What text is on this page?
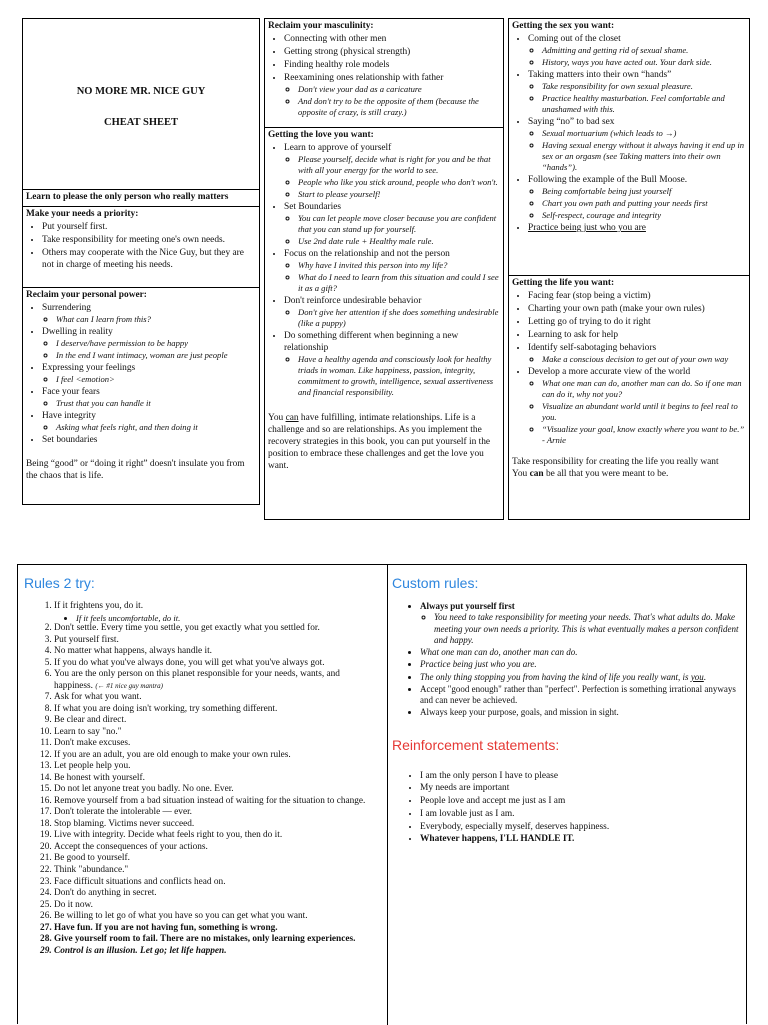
NO MORE MR. NICE GUY

CHEAT SHEET

Learn to please the only person who really matters
Make your needs a priority:
• Put yourself first.
• Take responsibility for meeting one's own needs.
• Others may cooperate with the Nice Guy, but they are not in charge of meeting his needs.
Reclaim your personal power:
• Surrendering
◦ What can I learn from this?
• Dwelling in reality
◦ I deserve/have permission to be happy
◦ In the end I want intimacy, woman are just people
• Expressing your feelings
◦ I feel <emotion>
• Face your fears
◦ Trust that you can handle it
• Have integrity
◦ Asking what feels right, and then doing it
• Set boundaries

Being “good” or “doing it right” doesn't insulate you from the chaos that is life.

Reclaim your masculinity:
• Connecting with other men
• Getting strong (physical strength)
• Finding healthy role models
• Reexamining ones relationship with father
◦ Don't view your dad as a caricature
◦ And don't try to be the opposite of them (because the opposite of crazy, is still crazy.)
Getting the love you want:
• Learn to approve of yourself
◦ Please yourself, decide what is right for you and be that with all your energy for the world to see.
◦ People who like you stick around, people who don't won't.
◦ Start to please yourself!
• Set Boundaries
◦ You can let people move closer because you are confident that you can stand up for yourself.
◦ Use 2nd date rule + Healthy male rule.
• Focus on the relationship and not the person
◦ Why have I invited this person into my life?
◦ What do I need to learn from this situation and could I see it as a gift?
• Don't reinforce undesirable behavior
◦ Don't give her attention if she does something undesirable (like a puppy)
• Do something different when beginning a new relationship
◦ Have a healthy agenda and consciously look for healthy triads in woman. Like happiness, passion, integrity, commitment to growth, intelligence, sexual assertiveness and financial responsibility.

You can have fulfilling, intimate relationships. Life is a challenge and so are relationships. As you implement the recovery strategies in this book, you can put yourself in the position to embrace these challenges and get the love you want.

Getting the sex you want:
• Coming out of the closet
◦ Admitting and getting rid of sexual shame.
◦ History, ways you have acted out. Your dark side.
• Taking matters into their own “hands”
◦ Take responsibility for own sexual pleasure.
◦ Practice healthy masturbation. Feel comfortable and unashamed with this.
• Saying “no” to bad sex
◦ Sexual mortuarium (which leads to →)
◦ Having sexual energy without it always having it end up in sex or an orgasm (see Taking matters into their own “hands”).
• Following the example of the Bull Moose.
◦ Being comfortable being just yourself
◦ Chart you own path and putting your needs first
◦ Self-respect, courage and integrity
• Practice being just who you are
Getting the life you want:
• Facing fear (stop being a victim)
• Charting your own path (make your own rules)
• Letting go of trying to do it right
• Learning to ask for help
• Identify self-sabotaging behaviors
◦ Make a conscious decision to get out of your own way
• Develop a more accurate view of the world
◦ What one man can do, another man can do. So if one man can do it, why not you?
◦ Visualize an abundant world until it begins to feel real to you.
◦ “Visualize your goal, know exactly where you want to be.” - Arnie

Take responsibility for creating the life you really want

You can be all that you were meant to be.

Rules 2 try:
1. If it frightens you, do it.
• If it feels uncomfortable, do it.
2. Don't settle. Every time you settle, you get exactly what you settled for.
3. Put yourself first.
4. No matter what happens, always handle it.
5. If you do what you've always done, you will get what you've always got.
6. You are the only person on this planet responsible for your needs, wants, and happiness. (← #1 nice guy mantra)
7. Ask for what you want.
8. If what you are doing isn't working, try something different.
9. Be clear and direct.
10. Learn to say "no."
11. Don't make excuses.
12. If you are an adult, you are old enough to make your own rules.
13. Let people help you.
14. Be honest with yourself.
15. Do not let anyone treat you badly. No one. Ever.
16. Remove yourself from a bad situation instead of waiting for the situation to change.
17. Don't tolerate the intolerable — ever.
18. Stop blaming. Victims never succeed.
19. Live with integrity. Decide what feels right to you, then do it.
20. Accept the consequences of your actions.
21. Be good to yourself.
22. Think "abundance."
23. Face difficult situations and conflicts head on.
24. Don't do anything in secret.
25. Do it now.
26. Be willing to let go of what you have so you can get what you want.
27. Have fun. If you are not having fun, something is wrong.
28. Give yourself room to fail. There are no mistakes, only learning experiences.
29. Control is an illusion. Let go; let life happen.
Custom rules:
• Always put yourself first
◦ You need to take responsibility for meeting your needs. That's what adults do. Make meeting your own needs a priority. This is what eventually makes a person confident and happy.
• What one man can do, another man can do.
• Practice being just who you are.
• The only thing stopping you from having the kind of life you really want, is you.
• Accept "good enough" rather than "perfect". Perfection is something irrational anyways and can never be achieved.
• Always keep your purpose, goals, and mission in sight.
Reinforcement statements:
• I am the only person I have to please
• My needs are important
• People love and accept me just as I am
• I am lovable just as I am.
• Everybody, especially myself, deserves happiness.
• Whatever happens, I'LL HANDLE IT.
